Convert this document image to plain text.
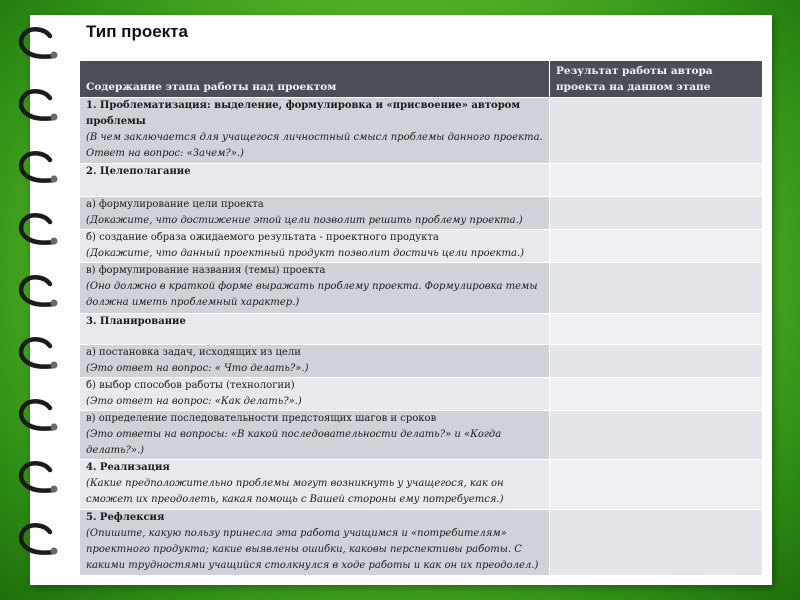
Тип проекта
Содержание этапа работы над проектом	Результат работы автора проекта на данном этапе

1. Проблематизация: выделение, формулировка и «присвоение» автором проблемы
(В чем заключается для учащегося личностный смысл проблемы данного проекта. Ответ на вопрос: «Зачем?».)	

2. Целеполагание	

а) формулирование цели проекта
(Докажите, что достижение этой цели позволит решить проблему проекта.)	

б) создание образа ожидаемого результата - проектного продукта
(Докажите, что данный проектный продукт позволит достичь цели проекта.)	

в) формулирование названия (темы) проекта
(Оно должно в краткой форме выражать проблему проекта. Формулировка темы должна иметь проблемный характер.)	

3. Планирование	

а) постановка задач, исходящих из цели
(Это ответ на вопрос: « Что делать?».)	

б) выбор способов работы (технологии)
(Это ответ на вопрос: «Как делать?».)	

в) определение последовательности предстоящих шагов и сроков
(Это ответы на вопросы: «В какой последовательности делать?» и «Когда делать?».)	

4. Реализация
(Какие предположительно проблемы могут возникнуть у учащегося, как он сможет их преодолеть, какая помощь с Вашей стороны ему потребуется.)	

5. Рефлексия
(Опишите, какую пользу принесла эта работа учащимся и «потребителям» проектного продукта; какие выявлены ошибки, каковы перспективы работы. С какими трудностями учащийся столкнулся в ходе работы и как он их преодолел.)	
